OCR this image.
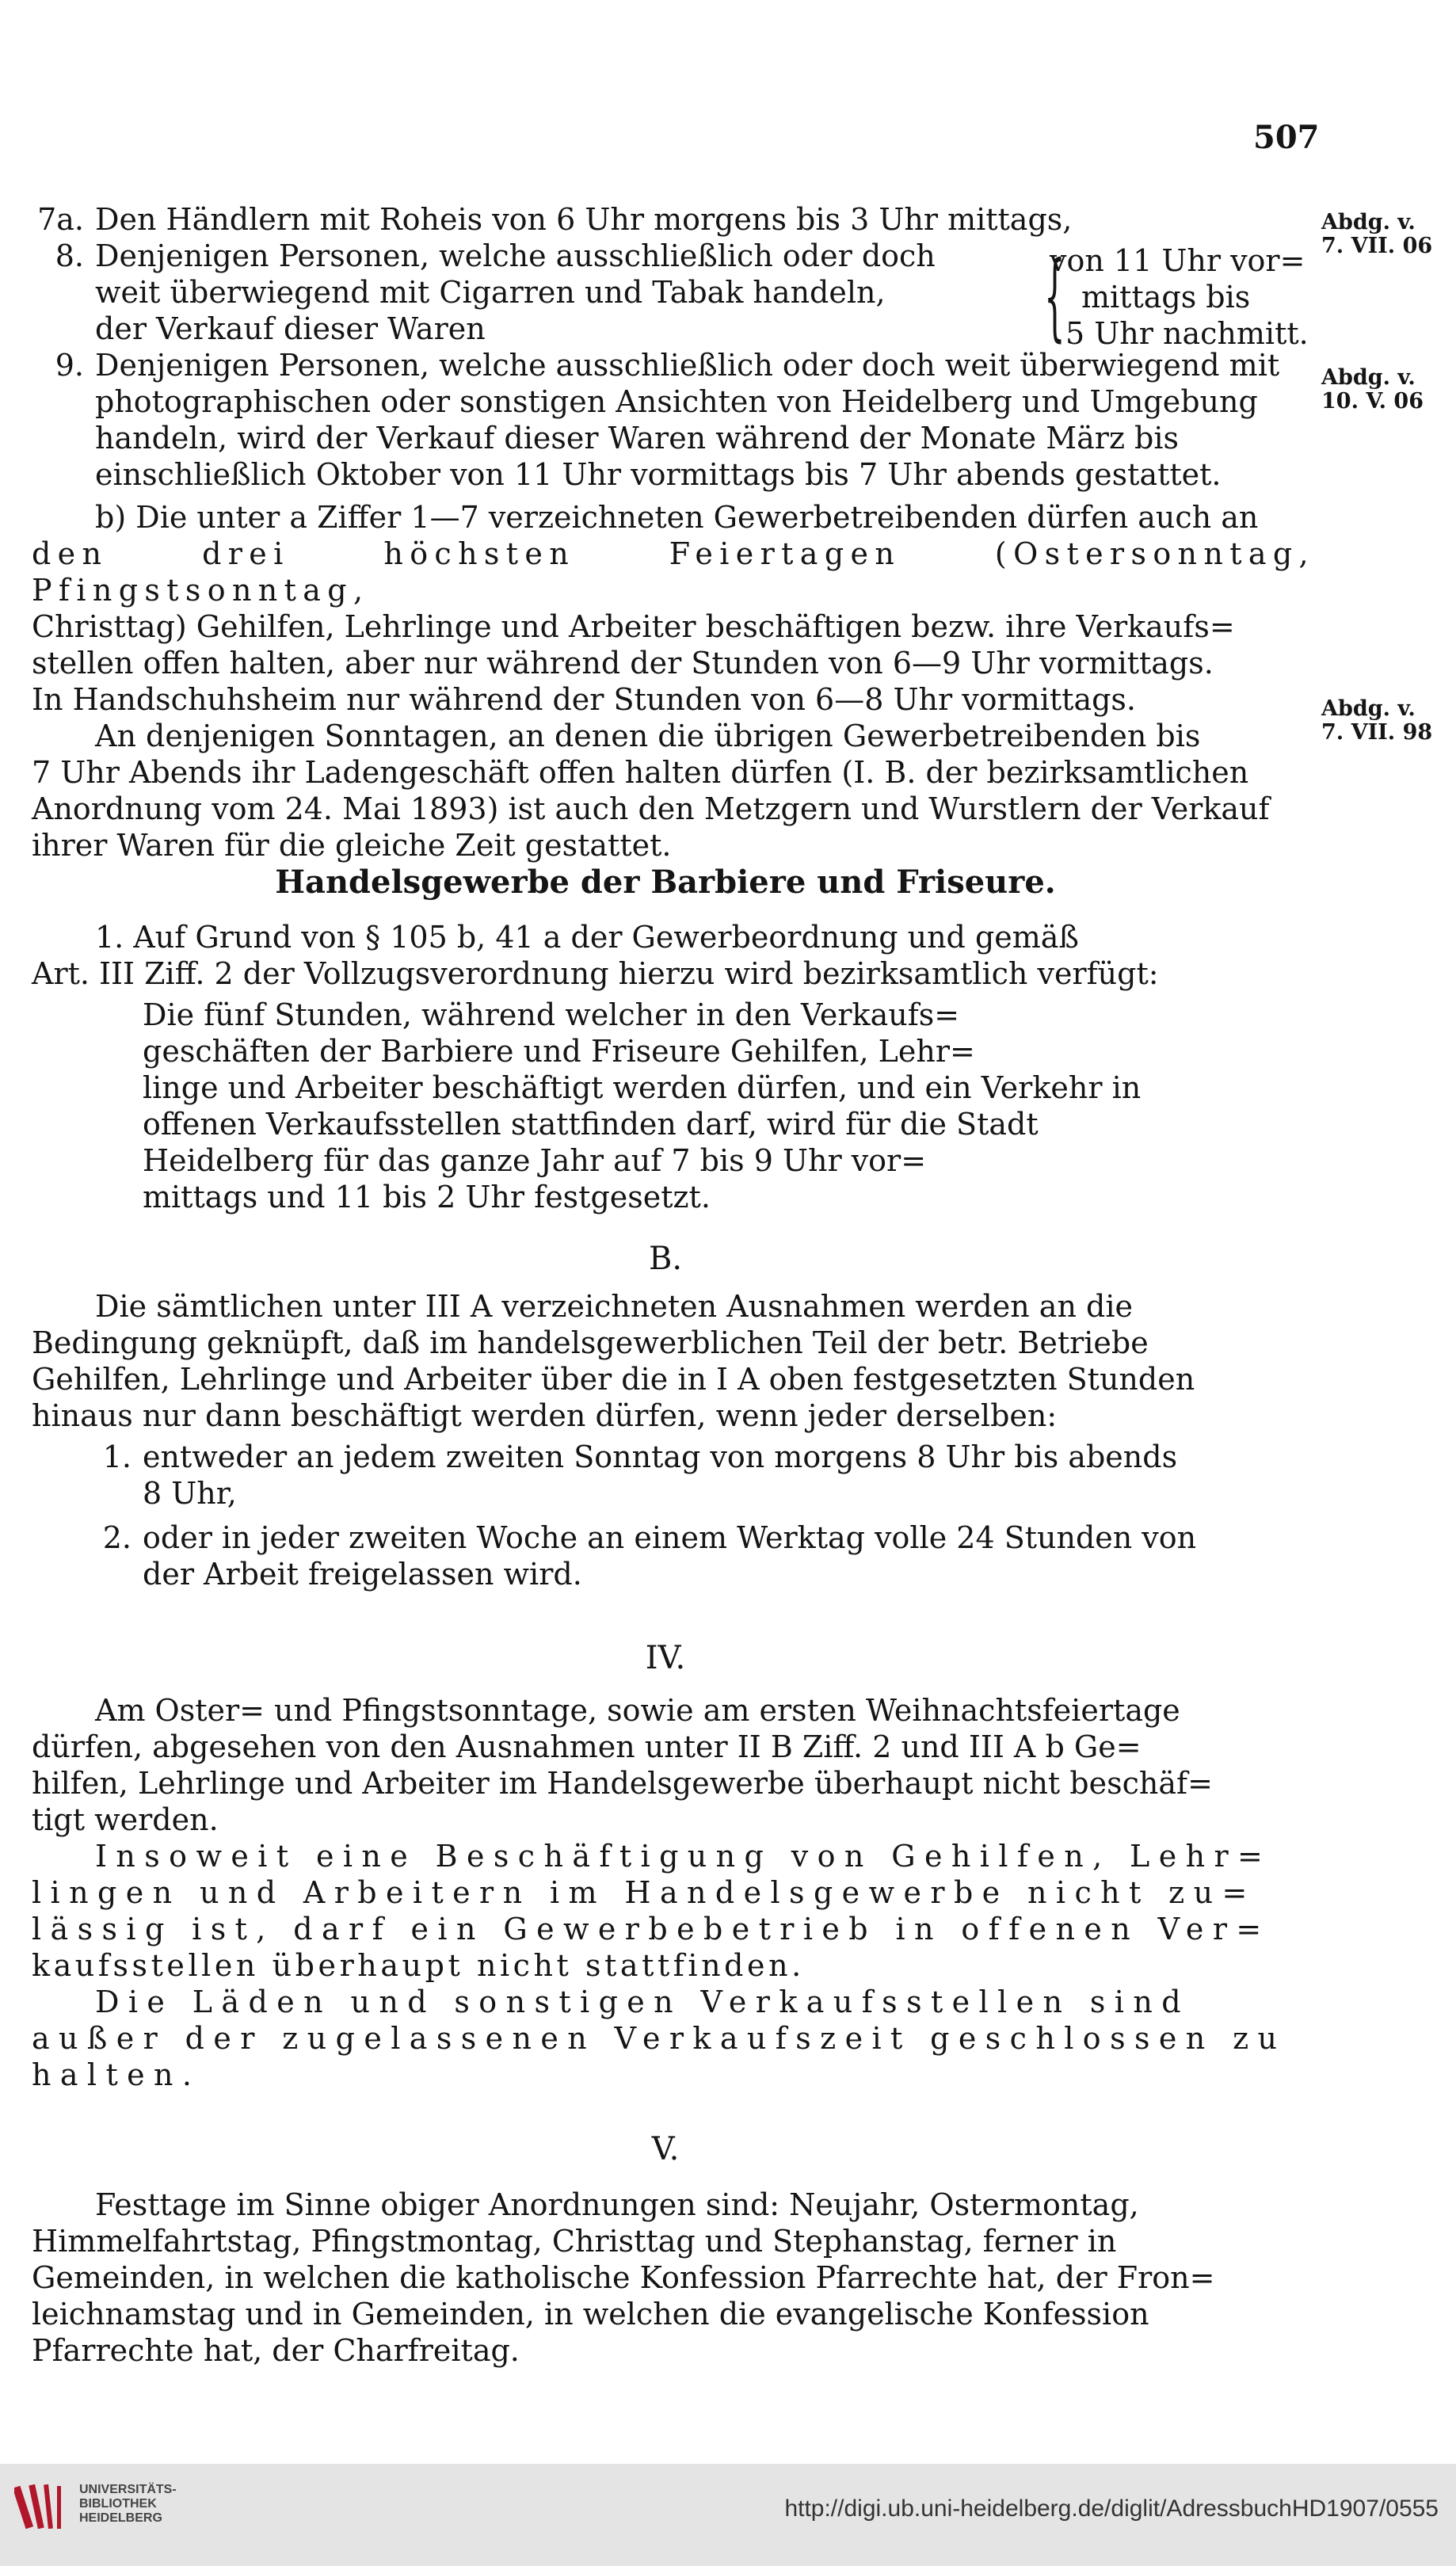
507
7a. Den Händlern mit Roheis von 6 Uhr morgens bis 3 Uhr mittags,
8. Denjenigen Personen, welche ausschließlich oder doch
weit überwiegend mit Cigarren und Tabak handeln,
der Verkauf dieser Waren
9. Denjenigen Personen, welche ausschließlich oder doch weit überwiegend mit
photographischen oder sonstigen Ansichten von Heidelberg und Umgebung
handeln, wird der Verkauf dieser Waren während der Monate März bis
einschließlich Oktober von 11 Uhr vormittags bis 7 Uhr abends gestattet.
b) Die unter a Ziffer 1—7 verzeichneten Gewerbetreibenden dürfen auch an
den drei höchsten Feiertagen (Ostersonntag, Pfingstsonntag,
Christtag) Gehilfen, Lehrlinge und Arbeiter beschäftigen bezw. ihre Verkaufs=
stellen offen halten, aber nur während der Stunden von 6—9 Uhr vormittags.
In Handschuhsheim nur während der Stunden von 6—8 Uhr vormittags.
An denjenigen Sonntagen, an denen die übrigen Gewerbetreibenden bis
7 Uhr Abends ihr Ladengeschäft offen halten dürfen (I. B. der bezirksamtlichen
Anordnung vom 24. Mai 1893) ist auch den Metzgern und Wurstlern der Verkauf
ihrer Waren für die gleiche Zeit gestattet.
{
von 11 Uhr vor=
mittags bis
5 Uhr nachmitt.
Abdg. v.
7. VII. 06
Abdg. v.
10. V. 06
Abdg. v.
7. VII. 98
Handelsgewerbe der Barbiere und Friseure.
1. Auf Grund von § 105 b, 41 a der Gewerbeordnung und gemäß
Art. III Ziff. 2 der Vollzugsverordnung hierzu wird bezirksamtlich verfügt:
Die fünf Stunden, während welcher in den Verkaufs=
geschäften der Barbiere und Friseure Gehilfen, Lehr=
linge und Arbeiter beschäftigt werden dürfen, und ein Verkehr in
offenen Verkaufsstellen stattfinden darf, wird für die Stadt
Heidelberg für das ganze Jahr auf 7 bis 9 Uhr vor=
mittags und 11 bis 2 Uhr festgesetzt.
B.
Die sämtlichen unter III A verzeichneten Ausnahmen werden an die
Bedingung geknüpft, daß im handelsgewerblichen Teil der betr. Betriebe
Gehilfen, Lehrlinge und Arbeiter über die in I A oben festgesetzten Stunden
hinaus nur dann beschäftigt werden dürfen, wenn jeder derselben:
1. entweder an jedem zweiten Sonntag von morgens 8 Uhr bis abends
8 Uhr,
2. oder in jeder zweiten Woche an einem Werktag volle 24 Stunden von
der Arbeit freigelassen wird.
IV.
Am Oster= und Pfingstsonntage, sowie am ersten Weihnachtsfeiertage
dürfen, abgesehen von den Ausnahmen unter II B Ziff. 2 und III A b Ge=
hilfen, Lehrlinge und Arbeiter im Handelsgewerbe überhaupt nicht beschäf=
tigt werden.
Insoweit eine Beschäftigung von Gehilfen, Lehr=
lingen und Arbeitern im Handelsgewerbe nicht zu=
lässig ist, darf ein Gewerbebetrieb in offenen Ver=
kaufsstellen überhaupt nicht stattfinden.
Die Läden und sonstigen Verkaufsstellen sind
außer der zugelassenen Verkaufszeit geschlossen zu
halten.
V.
Festtage im Sinne obiger Anordnungen sind: Neujahr, Ostermontag,
Himmelfahrtstag, Pfingstmontag, Christtag und Stephanstag, ferner in
Gemeinden, in welchen die katholische Konfession Pfarrechte hat, der Fron=
leichnamstag und in Gemeinden, in welchen die evangelische Konfession
Pfarrechte hat, der Charfreitag.
UNIVERSITÄTS-
BIBLIOTHEK
HEIDELBERG	http://digi.ub.uni-heidelberg.de/diglit/AdressbuchHD1907/0555
